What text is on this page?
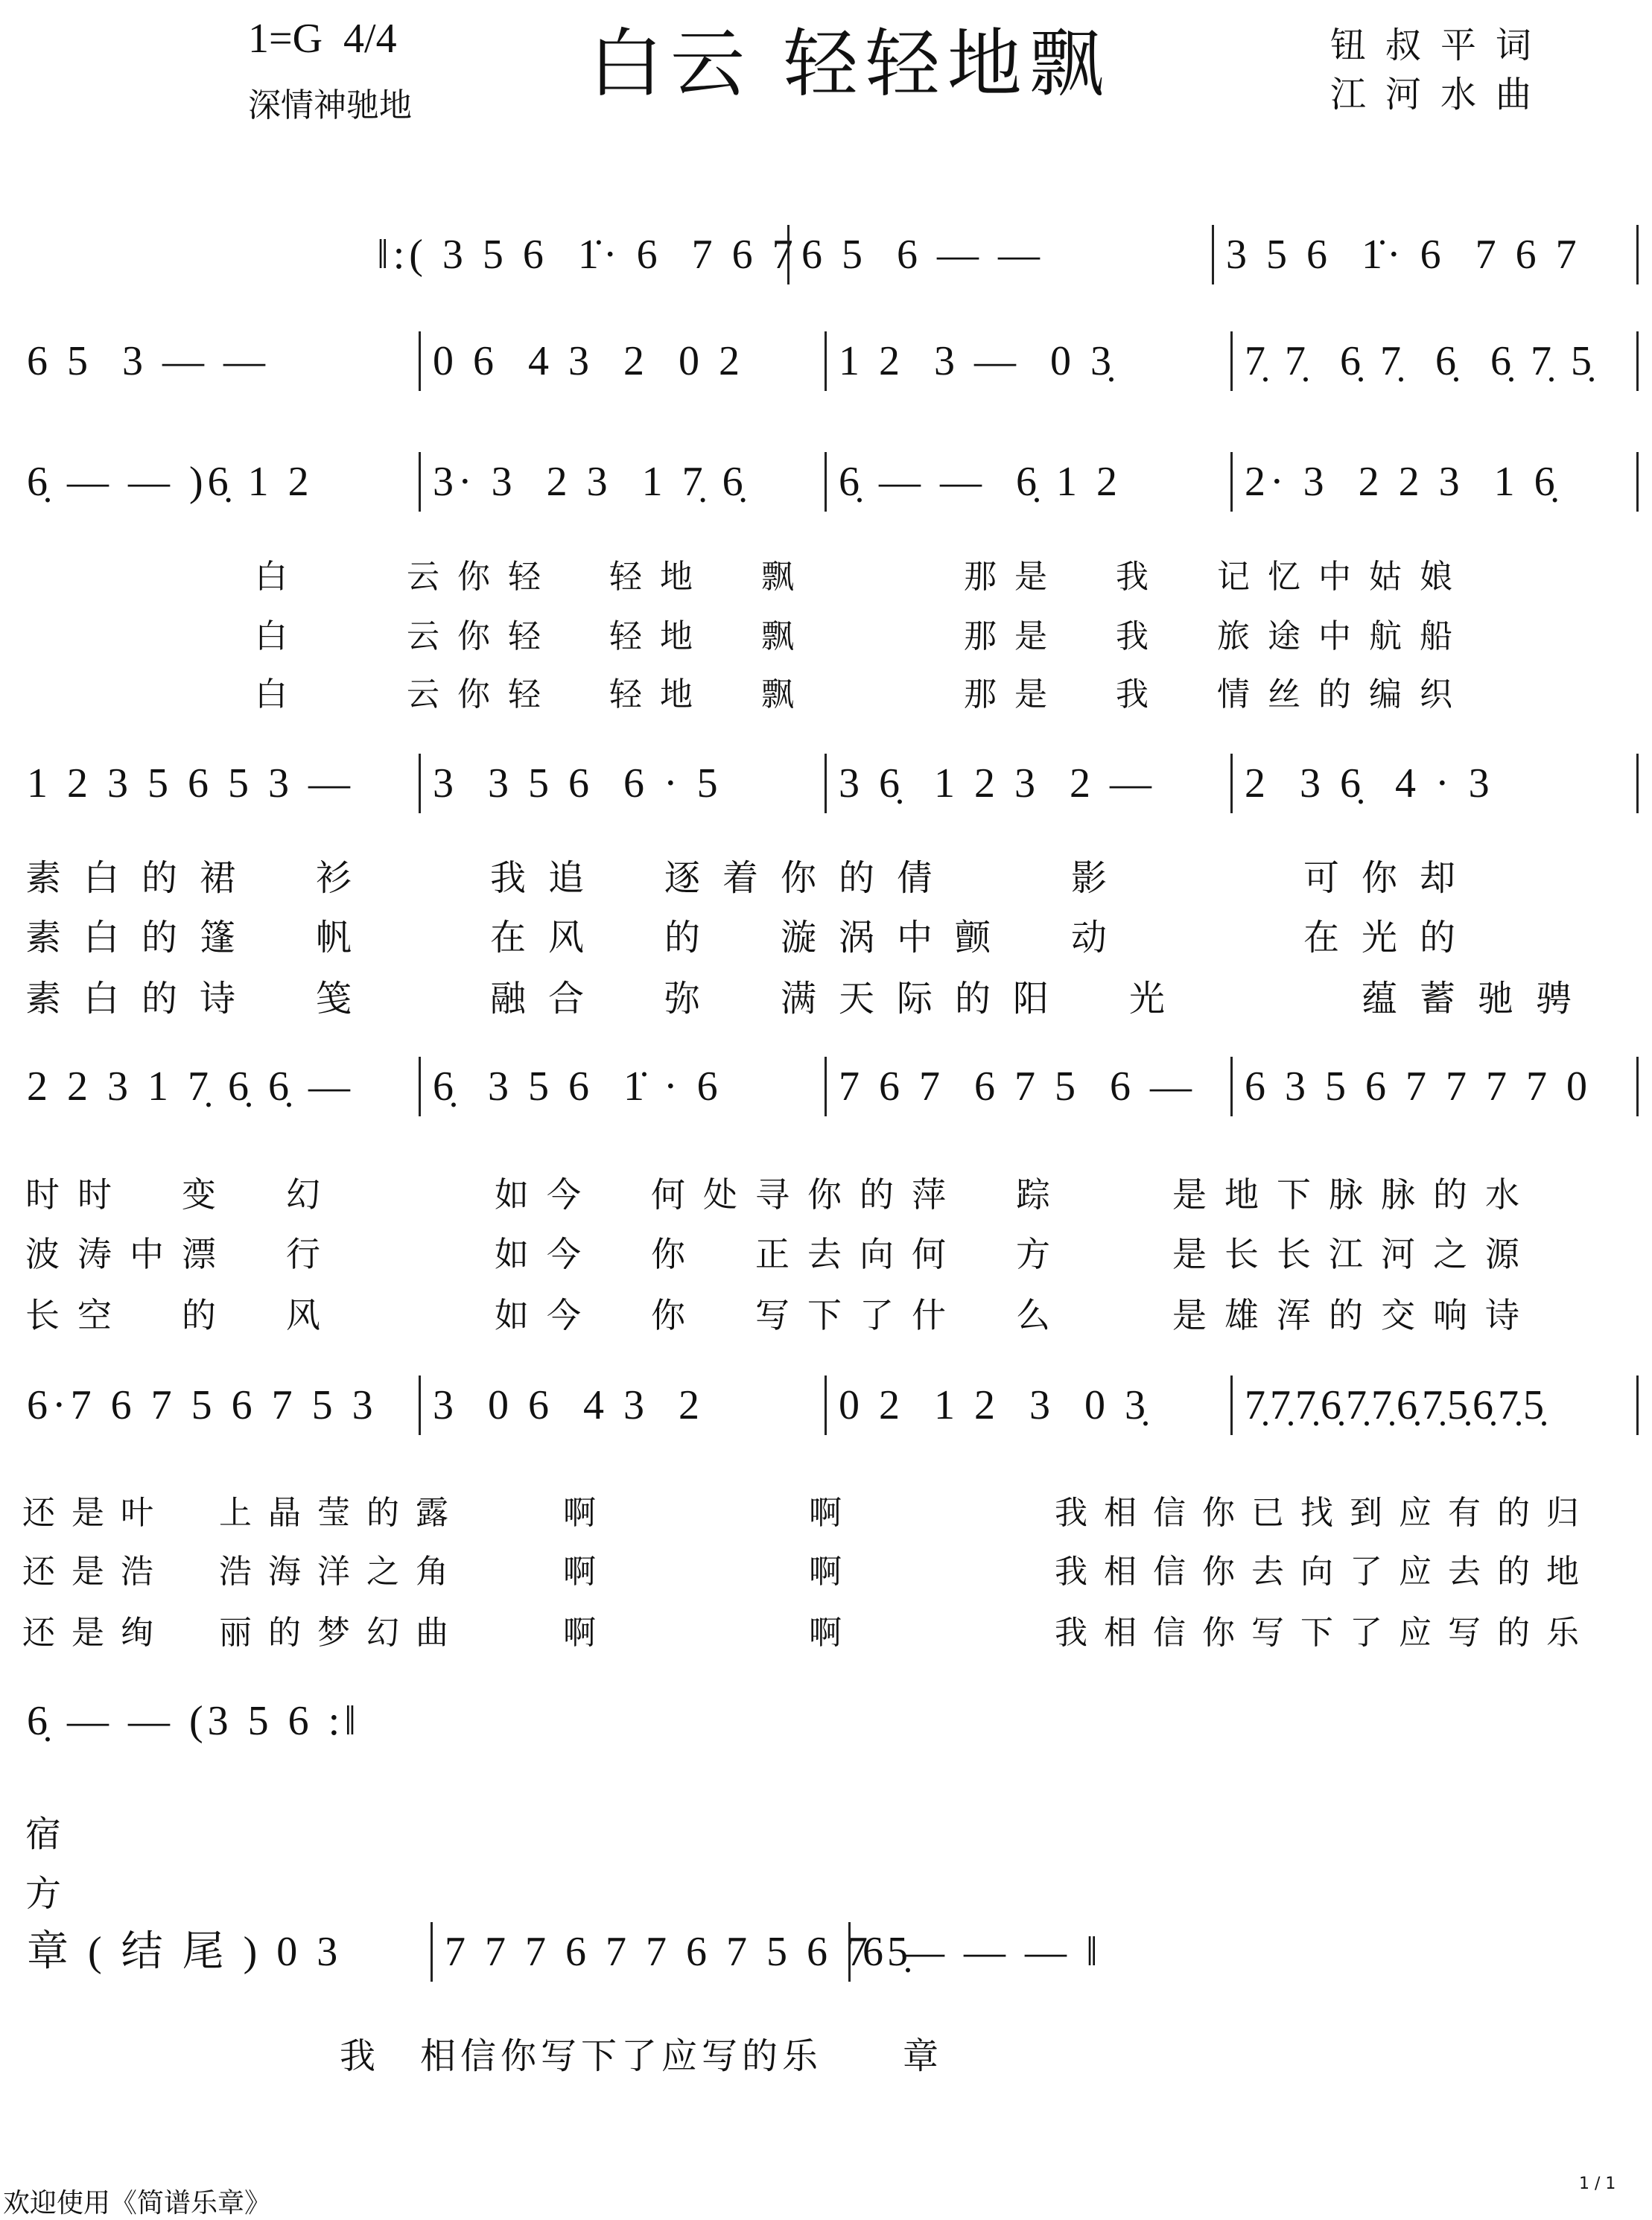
1=G  4/4
深情神驰地 白云 轻轻地飘	钮叔平词
江河水曲
‖:( 3 5 6  1̇· 6  7 6 7 6 5  6 — —	3 5 6  1̇· 6  7 6 7
6 5  3 — —	0 6  4 3  2  0 2	1 2  3 —  0 3̣	7̣ 7̣  6̣ 7̣  6̣  6̣ 7̣ 5̣
6̣ — — )6̣ 1 2	3· 3  2 3  1 7̣ 6̣	6̣ — —  6̣ 1 2	2· 3  2 2 3  1 6̣
1 2 3 5 6 5 3 —	3  3 5 6  6 · 5	3 6̣  1 2 3  2 —	2  3 6̣  4 · 3
2 2 3 1 7̣ 6̣ 6̣ —	6̣  3 5 6  1̇ · 6	7 6 7  6 7 5  6 —	6 3 5 6 7 7 7 7 0
6·7 6 7 5 6 7 5 3	3  0 6  4 3  2	0 2  1 2  3  0 3̣	7̣7̣7̣6̣7̣7̣6̣7̣5̣6̣7̣5̣
6̣ — — (3 5 6 :‖
章 ( 结 尾 ) 0 3	7 7 7 6 7 7 6 7 5 6 7 5̣
6 — — — ‖
白　　云你轻　轻地　飘　　　那是　我　记忆中姑娘
白　　云你轻　轻地　飘　　　那是　我　旅途中航船
白　　云你轻　轻地　飘　　　那是　我　情丝的编织
素白的裙　衫　　我追　逐着你的倩　　影　　　可你却
素白的篷　帆　　在风　的　漩涡中颤　动　　　在光的
素白的诗　笺　　融合　弥　满天际的阳　光　　　蕴蓄驰骋
时时　变　幻　　　如今　何处寻你的萍　踪　　是地下脉脉的水
波涛中漂　行　　　如今　你　正去向何　方　　是长长江河之源
长空　的　风　　　如今　你　写下了什　么　　是雄浑的交响诗
还是叶　上晶莹的露　　啊　　　　啊　　　　我相信你已找到应有的归
还是浩　浩海洋之角　　啊　　　　啊　　　　我相信你去向了应去的地
还是绚　丽的梦幻曲　　啊　　　　啊　　　　我相信你写下了应写的乐
宿
方
我　相信你写下了应写的乐　　章
欢迎使用《简谱乐章》
1 / 1
